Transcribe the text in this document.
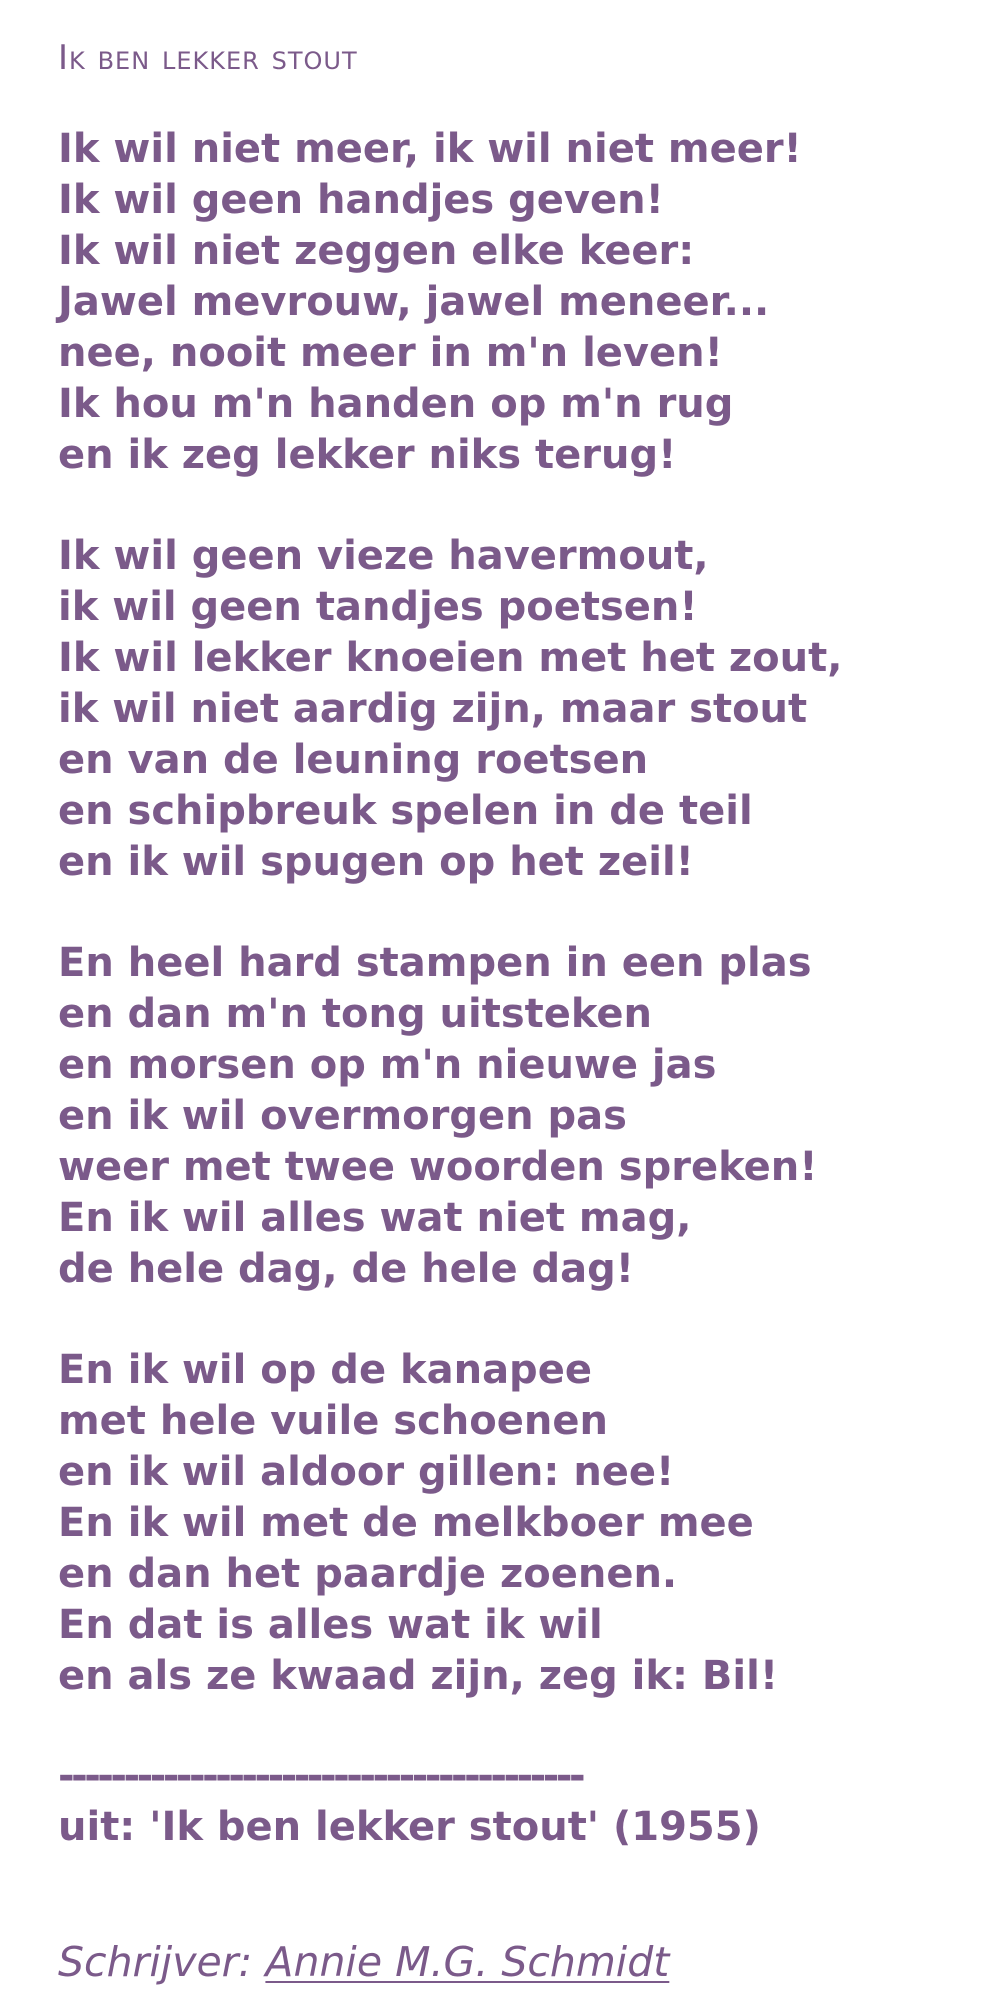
Ik ben lekker stout
Ik wil niet meer, ik wil niet meer!
Ik wil geen handjes geven!
Ik wil niet zeggen elke keer:
Jawel mevrouw, jawel meneer...
nee, nooit meer in m'n leven!
Ik hou m'n handen op m'n rug
en ik zeg lekker niks terug!
Ik wil geen vieze havermout,
ik wil geen tandjes poetsen!
Ik wil lekker knoeien met het zout,
ik wil niet aardig zijn, maar stout
en van de leuning roetsen
en schipbreuk spelen in de teil
en ik wil spugen op het zeil!
En heel hard stampen in een plas
en dan m'n tong uitsteken
en morsen op m'n nieuwe jas
en ik wil overmorgen pas
weer met twee woorden spreken!
En ik wil alles wat niet mag,
de hele dag, de hele dag!
En ik wil op de kanapee
met hele vuile schoenen
en ik wil aldoor gillen: nee!
En ik wil met de melkboer mee
en dan het paardje zoenen.
En dat is alles wat ik wil
en als ze kwaad zijn, zeg ik: Bil!
----------------------------------------
uit: 'Ik ben lekker stout' (1955)
Schrijver: Annie M.G. Schmidt
